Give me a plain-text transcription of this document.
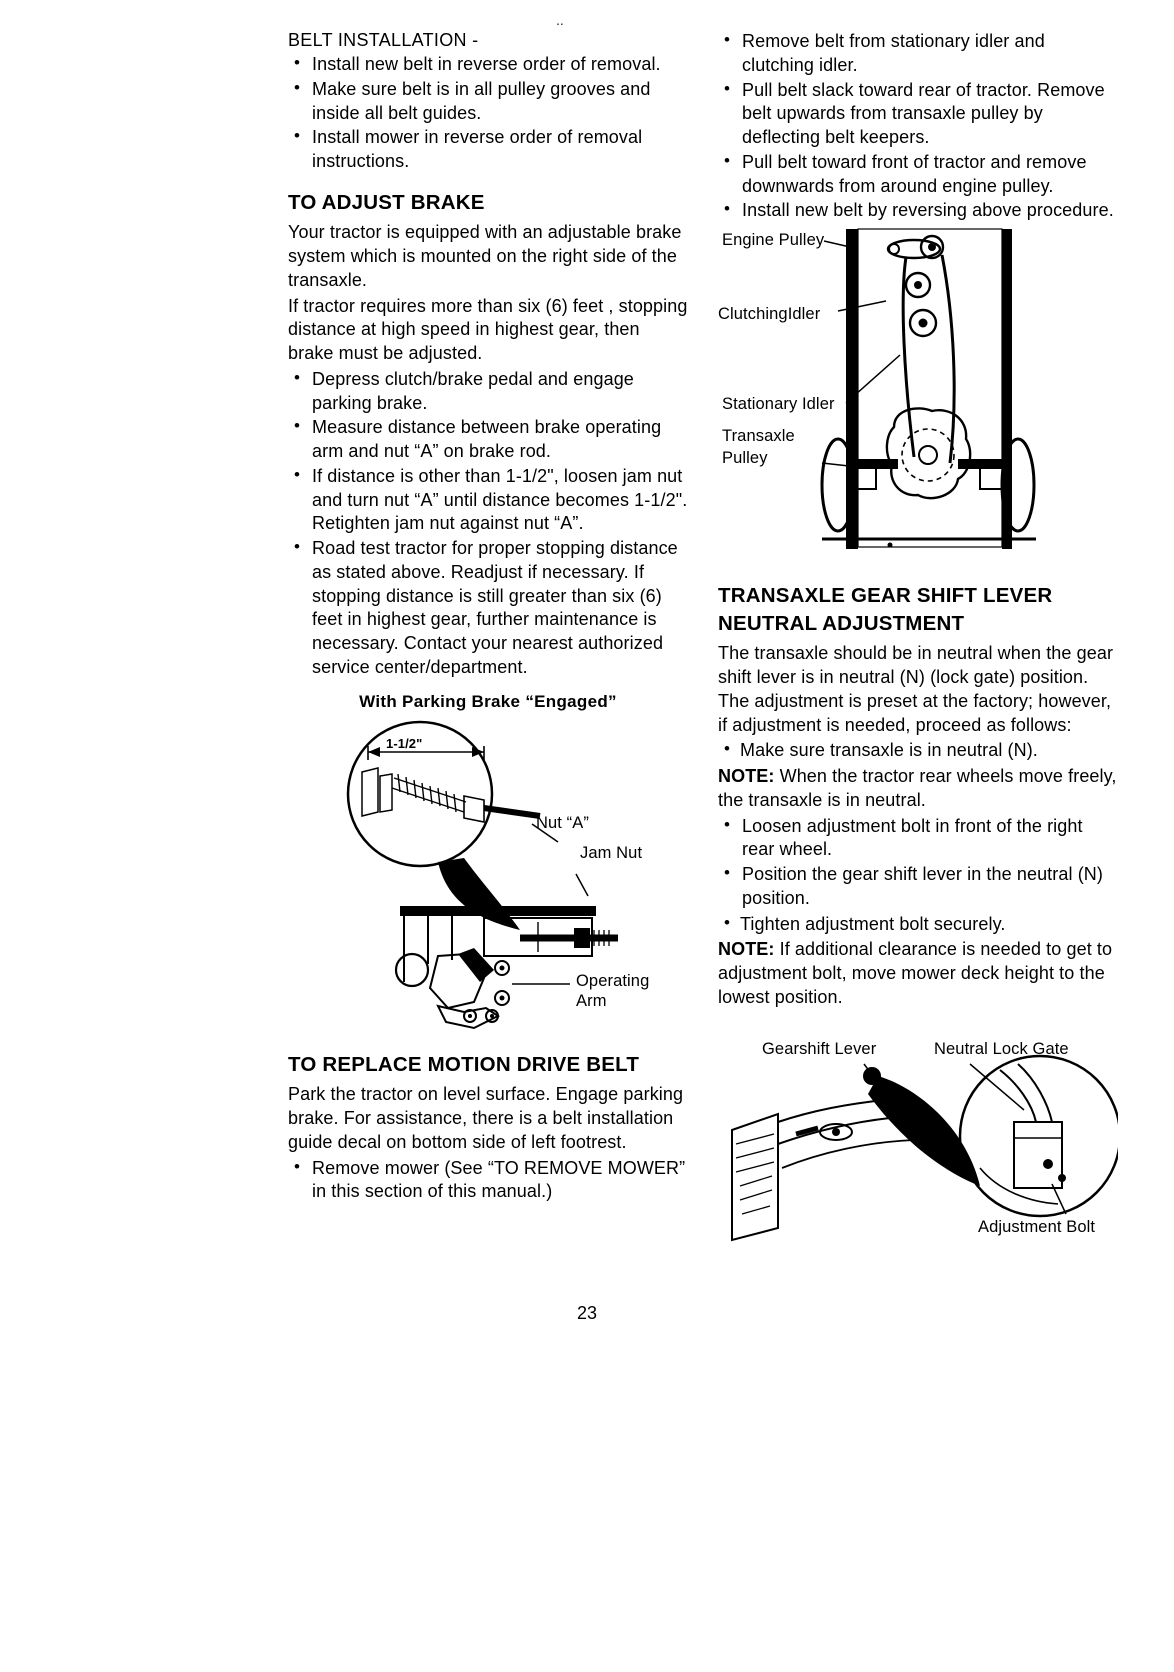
..
BELT INSTALLATION -
• Install new belt in reverse order of removal.
• Make sure belt is in all pulley grooves and inside all belt guides.
• Install mower in reverse order of removal instructions.
TO ADJUST BRAKE

Your tractor is equipped with an adjustable brake system which is mounted on the right side of the transaxle.

If tractor requires more than six (6) feet , stopping distance at high speed in highest gear, then brake must be adjusted.

• Depress clutch/brake pedal and engage parking brake.
• Measure distance between brake operating arm and nut “A” on brake rod.
• If distance is other than 1-1/2", loosen jam nut and turn nut “A” until distance becomes 1-1/2". Retighten jam nut against nut “A”.
• Road test tractor for proper stopping distance as stated above. Readjust if necessary. If stopping distance is still greater than six (6) feet in highest gear, further maintenance is necessary. Contact your nearest authorized service center/department.
With Parking Brake “Engaged”
Nut “A”
Jam Nut
Operating
Arm
1-1/2"
TO REPLACE MOTION DRIVE BELT

Park the tractor on level surface. Engage parking brake. For assistance, there is a belt installation guide decal on bottom side of left footrest.

• Remove mower (See “TO REMOVE MOWER” in this section of this manual.)
• Remove belt from stationary idler and clutching idler.
• Pull belt slack toward rear of tractor. Remove belt upwards from transaxle pulley by deflecting belt keepers.
• Pull belt toward front of tractor and remove downwards from around engine pulley.
• Install new belt by reversing above procedure.
Engine Pulley
ClutchingIdler
Stationary Idler
Transaxle
Pulley
TRANSAXLE GEAR SHIFT LEVER
NEUTRAL ADJUSTMENT

The transaxle should be in neutral when the gear shift lever is in neutral (N) (lock gate) position. The adjustment is preset at the factory; however, if adjustment is needed, proceed as follows:

• Make sure transaxle is in neutral (N).

NOTE: When the tractor rear wheels move freely, the transaxle is in neutral.

• Loosen adjustment bolt in front of the right rear wheel.
• Position the gear shift lever in the neutral (N) position.
• Tighten adjustment bolt securely.

NOTE: If additional clearance is needed to get to adjustment bolt, move mower deck height to the lowest position.

Gearshift Lever	Neutral Lock Gate
Adjustment Bolt
23
